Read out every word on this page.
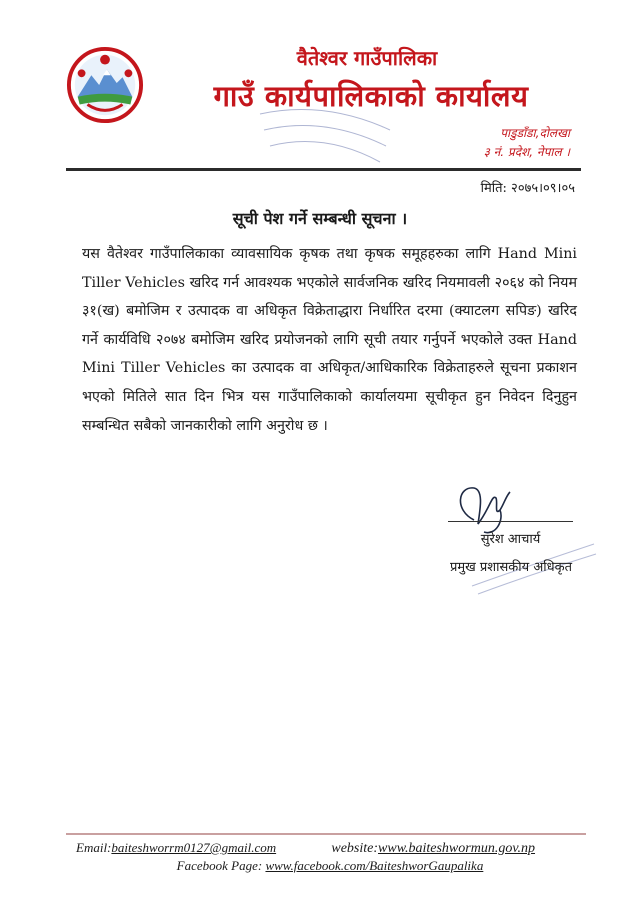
वैतेश्वर गाउँपालिका
गाउँ कार्यपालिकाको कार्यालय
पाडुडाँडा,दोलखा
३ नं. प्रदेश, नेपाल ।
मिति: २०७५।०९।०५
सूची पेश गर्ने सम्बन्धी सूचना ।
यस वैतेश्वर गाउँपालिकाका व्यावसायिक कृषक तथा कृषक समूहहरुका लागि Hand Mini Tiller Vehicles खरिद गर्न आवश्यक भएकोले सार्वजनिक खरिद नियमावली २०६४ को नियम ३१(ख) बमोजिम र उत्पादक वा अधिकृत विक्रेताद्धारा निर्धारित दरमा (क्याटलग सपिङ) खरिद गर्ने कार्यविधि २०७४ बमोजिम खरिद प्रयोजनको लागि सूची तयार गर्नुपर्ने भएकोले उक्त Hand Mini Tiller Vehicles का उत्पादक वा अधिकृत/आधिकारिक विक्रेताहरुले सूचना प्रकाशन भएको मितिले सात दिन भित्र यस गाउँपालिकाको कार्यालयमा सूचीकृत हुन निवेदन दिनुहुन सम्बन्धित सबैको जानकारीको लागि अनुरोध छ ।
सुरेश आचार्य
प्रमुख प्रशासकीय अधिकृत
Email:baiteshworrm0127@gmail.com	website:www.baiteshwormun.gov.np
Facebook Page: www.facebook.com/BaiteshworGaupalika
